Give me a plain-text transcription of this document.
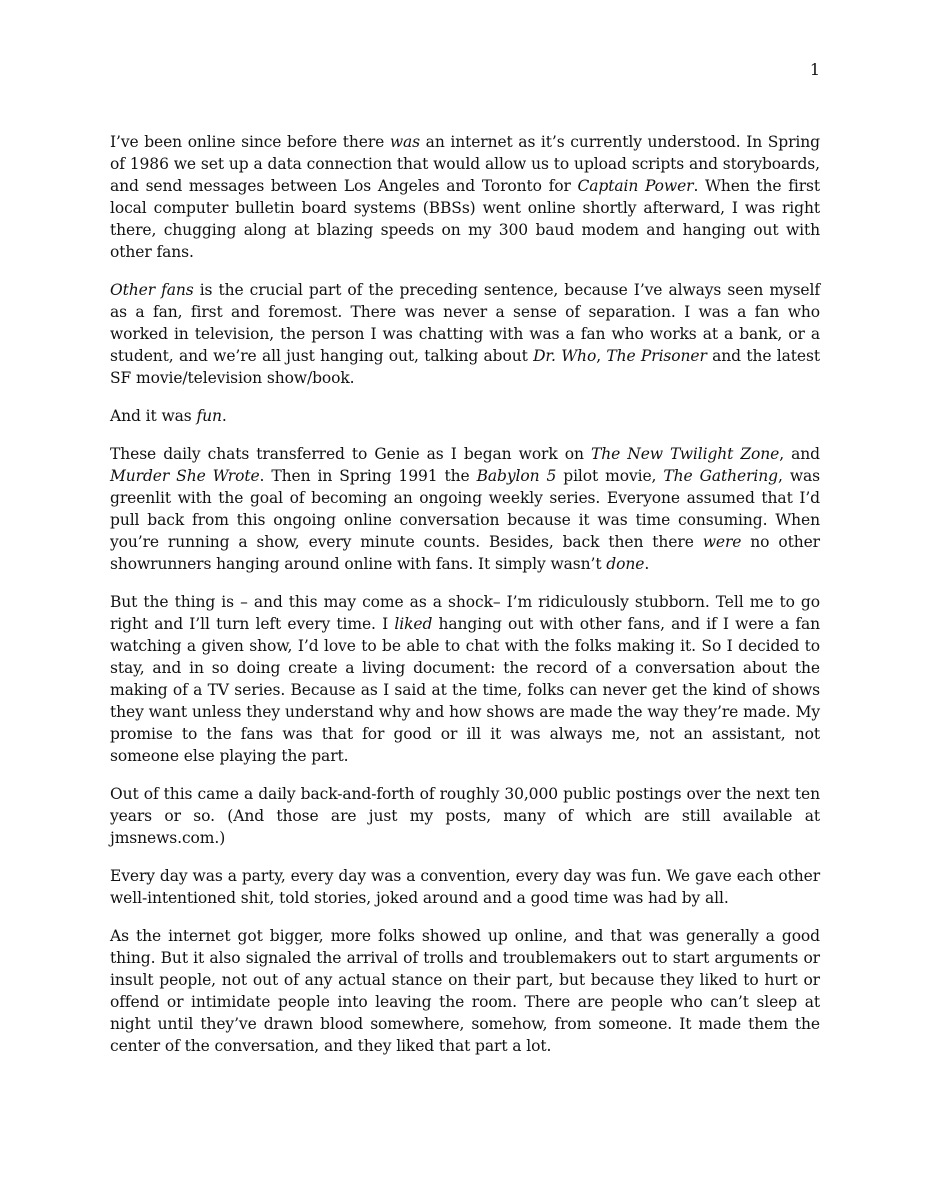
1

I’ve been online since before there was an internet as it’s currently understood. In Spring of 1986 we set up a data connection that would allow us to upload scripts and storyboards, and send messages between Los Angeles and Toronto for Captain Power. When the first local computer bulletin board systems (BBSs) went online shortly afterward, I was right there, chugging along at blazing speeds on my 300 baud modem and hanging out with other fans.

Other fans is the crucial part of the preceding sentence, because I’ve always seen myself as a fan, first and foremost. There was never a sense of separation. I was a fan who worked in television, the person I was chatting with was a fan who works at a bank, or a student, and we’re all just hanging out, talking about Dr. Who, The Prisoner and the latest SF movie/television show/book.

And it was fun.

These daily chats transferred to Genie as I began work on The New Twilight Zone, and Murder She Wrote. Then in Spring 1991 the Babylon 5 pilot movie, The Gathering, was greenlit with the goal of becoming an ongoing weekly series. Everyone assumed that I’d pull back from this ongoing online conversation because it was time consuming. When you’re running a show, every minute counts. Besides, back then there were no other showrunners hanging around online with fans. It simply wasn’t done.

But the thing is – and this may come as a shock– I’m ridiculously stubborn. Tell me to go right and I’ll turn left every time. I liked hanging out with other fans, and if I were a fan watching a given show, I’d love to be able to chat with the folks making it. So I decided to stay, and in so doing create a living document: the record of a conversation about the making of a TV series. Because as I said at the time, folks can never get the kind of shows they want unless they understand why and how shows are made the way they’re made. My promise to the fans was that for good or ill it was always me, not an assistant, not someone else playing the part.

Out of this came a daily back-and-forth of roughly 30,000 public postings over the next ten years or so. (And those are just my posts, many of which are still available at jmsnews.com.)

Every day was a party, every day was a convention, every day was fun. We gave each other well-intentioned shit, told stories, joked around and a good time was had by all.

As the internet got bigger, more folks showed up online, and that was generally a good thing. But it also signaled the arrival of trolls and troublemakers out to start arguments or insult people, not out of any actual stance on their part, but because they liked to hurt or offend or intimidate people into leaving the room. There are people who can’t sleep at night until they’ve drawn blood somewhere, somehow, from someone. It made them the center of the conversation, and they liked that part a lot.
